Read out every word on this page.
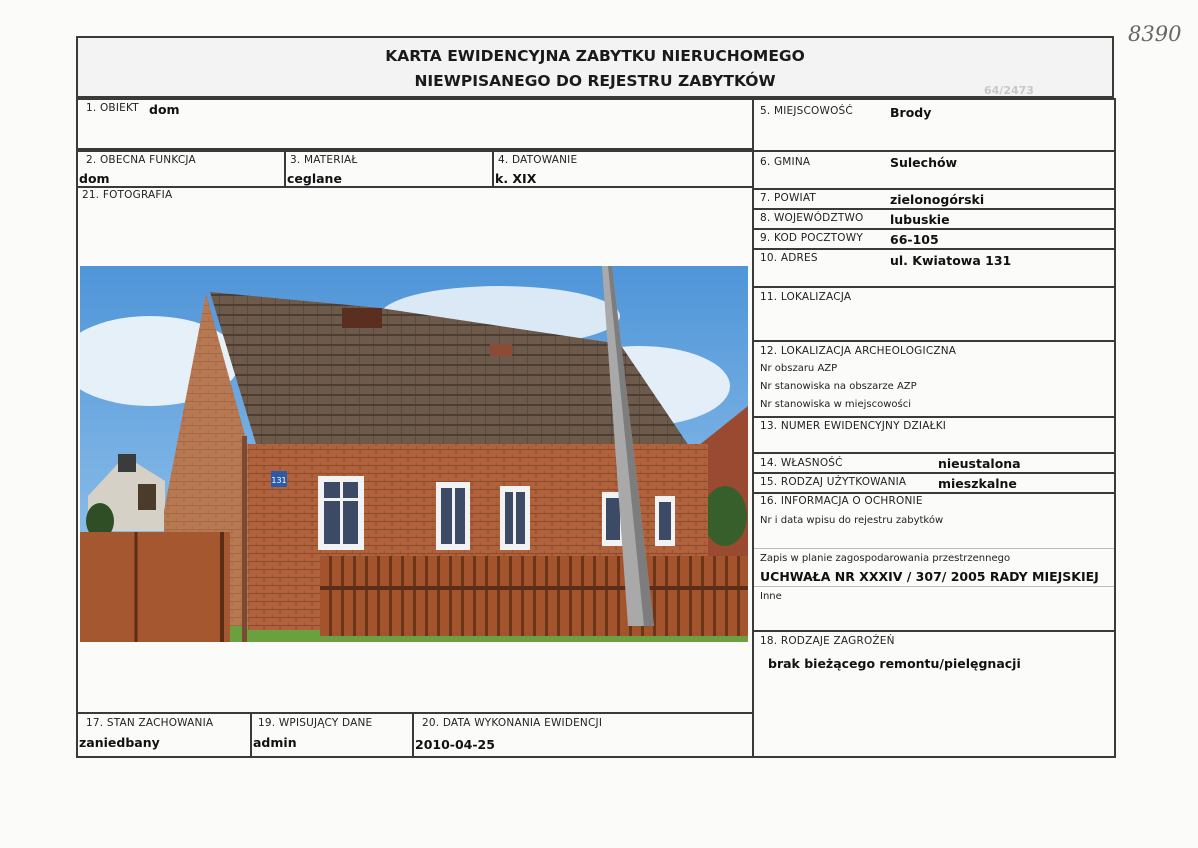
8390
KARTA EWIDENCYJNA ZABYTKU NIERUCHOMEGO
NIEWPISANEGO DO REJESTRU ZABYTKÓW
64/2473
1. OBIEKT dom
2. OBECNA FUNKCJA
dom
3. MATERIAŁ
ceglane
4. DATOWANIE
k. XIX
21. FOTOGRAFIA
131
17. STAN ZACHOWANIA
zaniedbany
19. WPISUJĄCY DANE
admin
20. DATA WYKONANIA EWIDENCJI
2010-04-25
5. MIEJSCOWOŚĆ	Brody
6. GMINA	Sulechów
7. POWIAT	zielonogórski
8. WOJEWÓDZTWO lubuskie
9. KOD POCZTOWY 66-105
10. ADRES	ul. Kwiatowa 131
11. LOKALIZACJA
12. LOKALIZACJA ARCHEOLOGICZNA
Nr obszaru AZP
Nr stanowiska na obszarze AZP
Nr stanowiska w miejscowości
13. NUMER EWIDENCYJNY DZIAŁKI
14. WŁASNOŚĆ	nieustalona
15. RODZAJ UŻYTKOWANIA	mieszkalne
16. INFORMACJA O OCHRONIE
Nr i data wpisu do rejestru zabytków
Zapis w planie zagospodarowania przestrzennego
UCHWAŁA NR XXXIV / 307/ 2005 RADY MIEJSKIEJ
Inne
18. RODZAJE ZAGROŻEŃ
brak bieżącego remontu/pielęgnacji
